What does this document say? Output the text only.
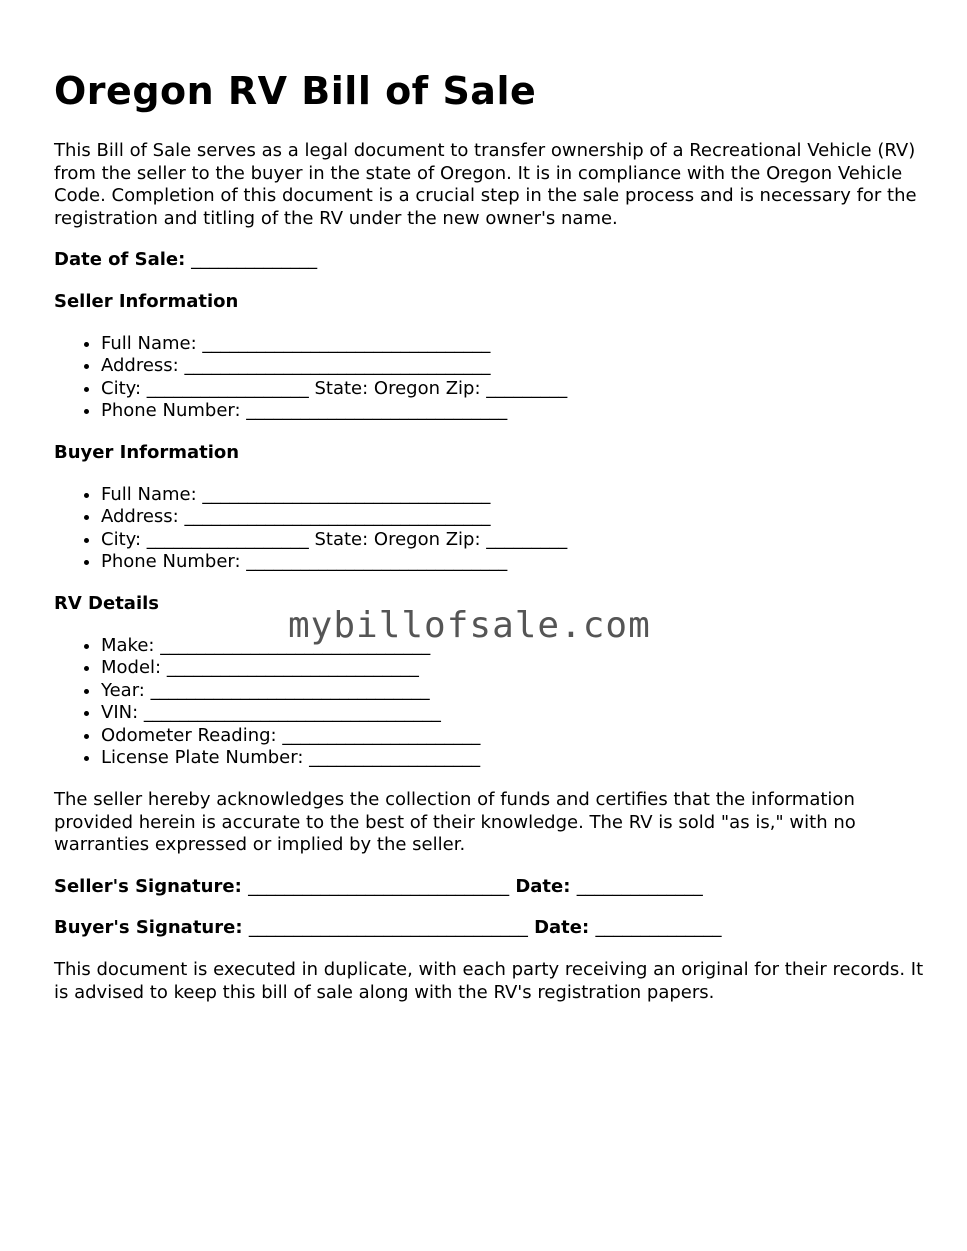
Oregon RV Bill of Sale

This Bill of Sale serves as a legal document to transfer ownership of a Recreational Vehicle (RV) from the seller to the buyer in the state of Oregon. It is in compliance with the Oregon Vehicle Code. Completion of this document is a crucial step in the sale process and is necessary for the registration and titling of the RV under the new owner's name.

Date of Sale: ______________
Seller Information
• Full Name: ________________________________
• Address: __________________________________
• City: __________________ State: Oregon Zip: _________
• Phone Number: _____________________________
Buyer Information
• Full Name: ________________________________
• Address: __________________________________
• City: __________________ State: Oregon Zip: _________
• Phone Number: _____________________________
RV Details
• Make: ______________________________
• Model: ____________________________
• Year: _______________________________
• VIN: _________________________________
• Odometer Reading: ______________________
• License Plate Number: ___________________

The seller hereby acknowledges the collection of funds and certifies that the information provided herein is accurate to the best of their knowledge. The RV is sold "as is," with no warranties expressed or implied by the seller.

Seller's Signature: _____________________________ Date: ______________
Buyer's Signature: _______________________________ Date: ______________

This document is executed in duplicate, with each party receiving an original for their records. It is advised to keep this bill of sale along with the RV's registration papers.

mybillofsale.com
